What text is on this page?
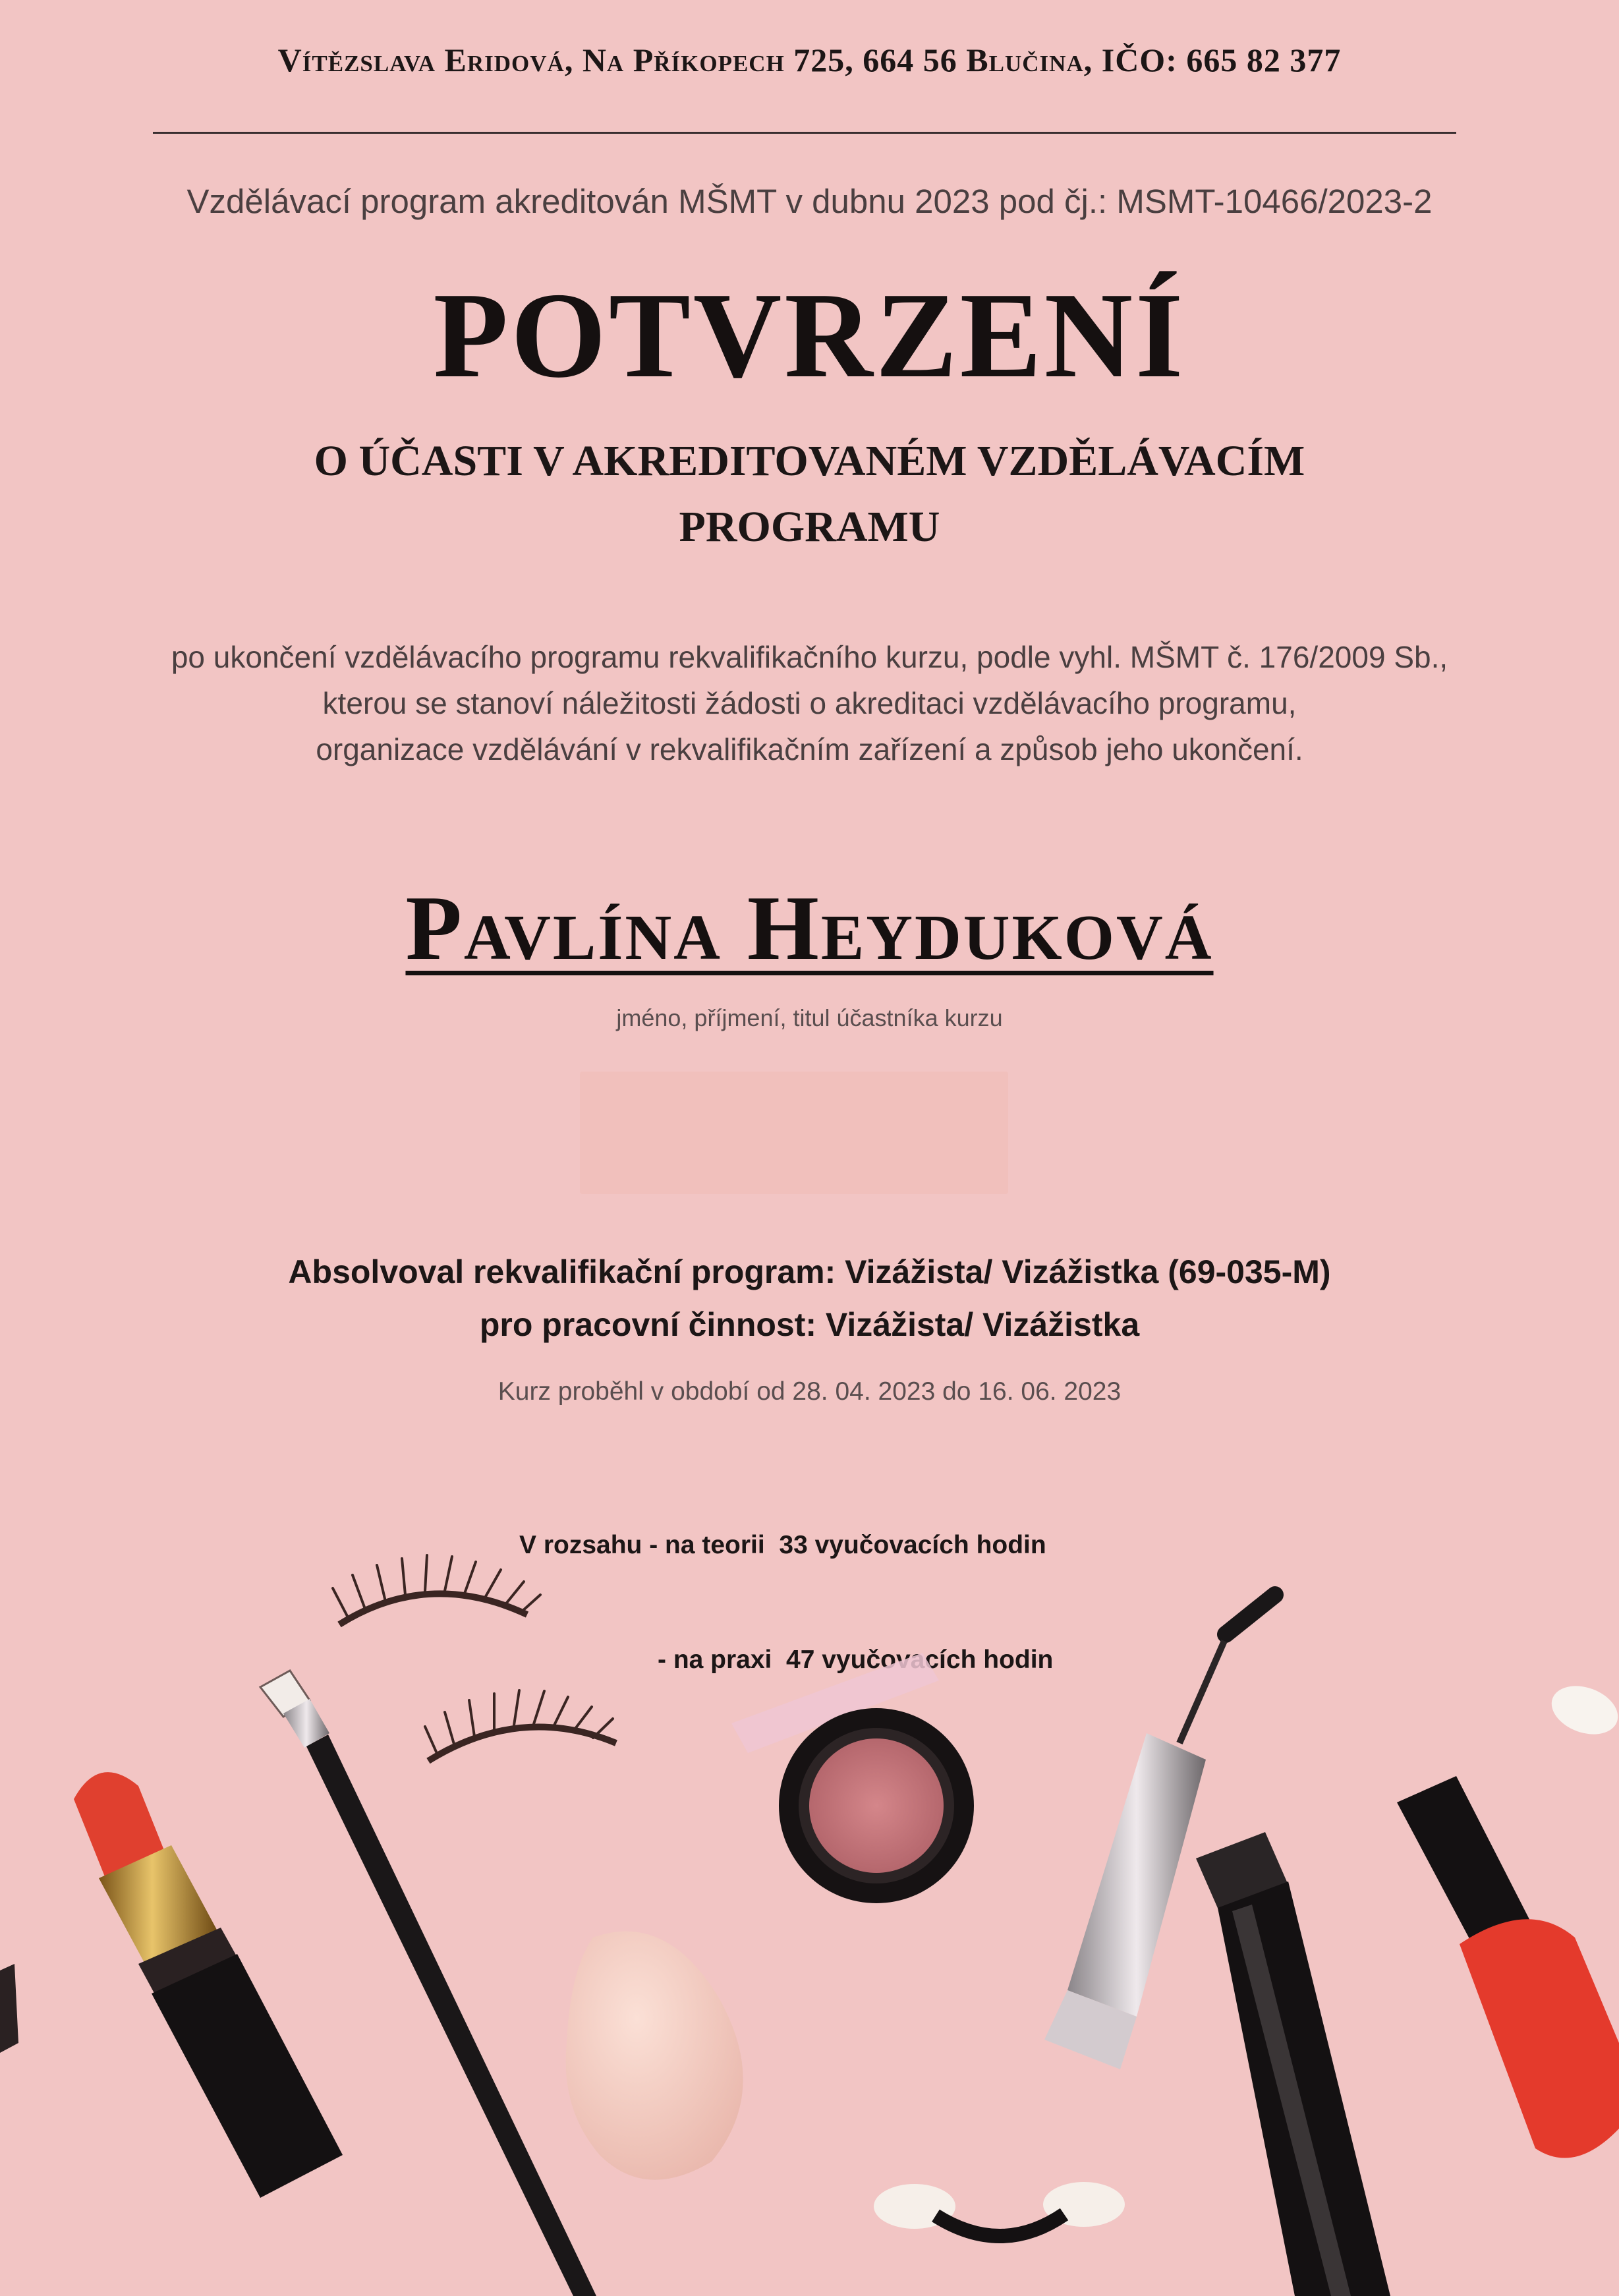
Vítězslava Eridová, Na Příkopech 725, 664 56 Blučina, IČO: 665 82 377
Vzdělávací program akreditován MŠMT v dubnu 2023 pod čj.: MSMT-10466/2023-2
POTVRZENÍ
O ÚČASTI V AKREDITOVANÉM VZDĚLÁVACÍM
PROGRAMU
po ukončení vzdělávacího programu rekvalifikačního kurzu, podle vyhl. MŠMT č. 176/2009 Sb.,
kterou se stanoví náležitosti žádosti o akreditaci vzdělávacího programu,
organizace vzdělávání v rekvalifikačním zařízení a způsob jeho ukončení.
Pavlína Heyduková
jméno, příjmení, titul účastníka kurzu
Absolvoval rekvalifikační program: Vizážista/ Vizážistka (69-035-M)
pro pracovní činnost: Vizážista/ Vizážistka
Kurz proběhl v období od 28. 04. 2023 do 16. 06. 2023

V rozsahu - na teorii  33 vyučovacích hodin

- na praxi  47 vyučovacích hodin
